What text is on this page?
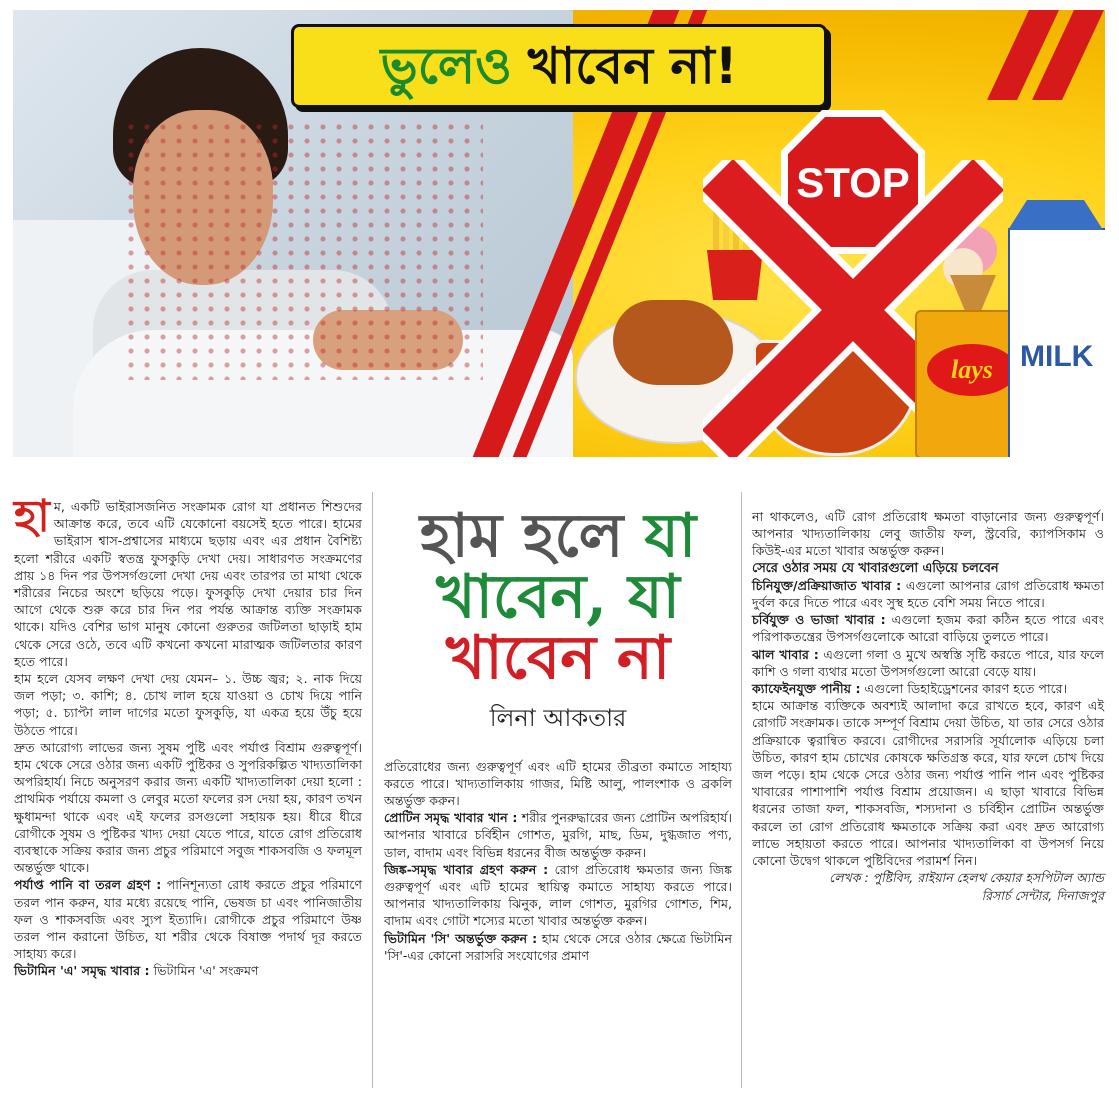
ভুলেও খাবেন না!
STOP
lays MILK

হাম, একটি ভাইরাসজনিত সংক্রামক রোগ যা প্রধানত শিশুদের আক্রান্ত করে, তবে এটি যেকোনো বয়সেই হতে পারে। হামের ভাইরাস শ্বাস-প্রশ্বাসের মাধ্যমে ছড়ায় এবং এর প্রধান বৈশিষ্ট্য হলো শরীরে একটি স্বতন্ত্র ফুসকুড়ি দেখা দেয়। সাধারণত সংক্রমণের প্রায় ১৪ দিন পর উপসর্গগুলো দেখা দেয় এবং তারপর তা মাথা থেকে শরীরের নিচের অংশে ছড়িয়ে পড়ে। ফুসকুড়ি দেখা দেয়ার চার দিন আগে থেকে শুরু করে চার দিন পর পর্যন্ত আক্রান্ত ব্যক্তি সংক্রামক থাকে। যদিও বেশির ভাগ মানুষ কোনো গুরুতর জটিলতা ছাড়াই হাম থেকে সেরে ওঠে, তবে এটি কখনো কখনো মারাত্মক জটিলতার কারণ হতে পারে।

হাম হলে যেসব লক্ষণ দেখা দেয় যেমন– ১. উচ্চ জ্বর; ২. নাক দিয়ে জল পড়া; ৩. কাশি; ৪. চোখ লাল হয়ে যাওয়া ও চোখ দিয়ে পানি পড়া; ৫. চ্যাপ্টা লাল দাগের মতো ফুসকুড়ি, যা একত্র হয়ে উঁচু হয়ে উঠতে পারে।

দ্রুত আরোগ্য লাভের জন্য সুষম পুষ্টি এবং পর্যাপ্ত বিশ্রাম গুরুত্বপূর্ণ। হাম থেকে সেরে ওঠার জন্য একটি পুষ্টিকর ও সুপরিকল্পিত খাদ্যতালিকা অপরিহার্য। নিচে অনুসরণ করার জন্য একটি খাদ্যতালিকা দেয়া হলো : প্রাথমিক পর্যায়ে কমলা ও লেবুর মতো ফলের রস দেয়া হয়, কারণ তখন ক্ষুধামন্দা থাকে এবং এই ফলের রসগুলো সহায়ক হয়। ধীরে ধীরে রোগীকে সুষম ও পুষ্টিকর খাদ্য দেয়া যেতে পারে, যাতে রোগ প্রতিরোধ ব্যবস্থাকে সক্রিয় করার জন্য প্রচুর পরিমাণে সবুজ শাকসবজি ও ফলমূল অন্তর্ভুক্ত থাকে।

পর্যাপ্ত পানি বা তরল গ্রহণ : পানিশূন্যতা রোধ করতে প্রচুর পরিমাণে তরল পান করুন, যার মধ্যে রয়েছে পানি, ভেষজ চা এবং পানিজাতীয় ফল ও শাকসবজি এবং স্যুপ ইত্যাদি। রোগীকে প্রচুর পরিমাণে উষ্ণ তরল পান করানো উচিত, যা শরীর থেকে বিষাক্ত পদার্থ দূর করতে সাহায্য করে।

ভিটামিন 'এ' সমৃদ্ধ খাবার : ভিটামিন 'এ' সংক্রমণ

হাম হলে যা
খাবেন, যা
খাবেন না
লিনা আকতার

প্রতিরোধের জন্য গুরুত্বপূর্ণ এবং এটি হামের তীব্রতা কমাতে সাহায্য করতে পারে। খাদ্যতালিকায় গাজর, মিষ্টি আলু, পালংশাক ও ব্রকলি অন্তর্ভুক্ত করুন।

প্রোটিন সমৃদ্ধ খাবার খান : শরীর পুনরুদ্ধারের জন্য প্রোটিন অপরিহার্য। আপনার খাবারে চর্বিহীন গোশত, মুরগি, মাছ, ডিম, দুগ্ধজাত পণ্য, ডাল, বাদাম এবং বিভিন্ন ধরনের বীজ অন্তর্ভুক্ত করুন।

জিঙ্ক-সমৃদ্ধ খাবার গ্রহণ করুন : রোগ প্রতিরোধ ক্ষমতার জন্য জিঙ্ক গুরুত্বপূর্ণ এবং এটি হামের স্থায়িত্ব কমাতে সাহায্য করতে পারে। আপনার খাদ্যতালিকায় ঝিনুক, লাল গোশত, মুরগির গোশত, শিম, বাদাম এবং গোটা শস্যের মতো খাবার অন্তর্ভুক্ত করুন।

ভিটামিন 'সি' অন্তর্ভুক্ত করুন : হাম থেকে সেরে ওঠার ক্ষেত্রে ভিটামিন 'সি'-এর কোনো সরাসরি সংযোগের প্রমাণ

না থাকলেও, এটি রোগ প্রতিরোধ ক্ষমতা বাড়ানোর জন্য গুরুত্বপূর্ণ। আপনার খাদ্যতালিকায় লেবু জাতীয় ফল, স্ট্রবেরি, ক্যাপসিকাম ও কিউই-এর মতো খাবার অন্তর্ভুক্ত করুন।

সেরে ওঠার সময় যে খাবারগুলো এড়িয়ে চলবেন

চিনিযুক্ত/প্রক্রিয়াজাত খাবার : এগুলো আপনার রোগ প্রতিরোধ ক্ষমতা দুর্বল করে দিতে পারে এবং সুস্থ হতে বেশি সময় নিতে পারে।

চর্বিযুক্ত ও ভাজা খাবার : এগুলো হজম করা কঠিন হতে পারে এবং পরিপাকতন্ত্রের উপসর্গগুলোকে আরো বাড়িয়ে তুলতে পারে।

ঝাল খাবার : এগুলো গলা ও মুখে অস্বস্তি সৃষ্টি করতে পারে, যার ফলে কাশি ও গলা ব্যথার মতো উপসর্গগুলো আরো বেড়ে যায়।

ক্যাফেইনযুক্ত পানীয় : এগুলো ডিহাইড্রেশনের কারণ হতে পারে।

হামে আক্রান্ত ব্যক্তিকে অবশ্যই আলাদা করে রাখতে হবে, কারণ এই রোগটি সংক্রামক। তাকে সম্পূর্ণ বিশ্রাম দেয়া উচিত, যা তার সেরে ওঠার প্রক্রিয়াকে ত্বরান্বিত করবে। রোগীদের সরাসরি সূর্যালোক এড়িয়ে চলা উচিত, কারণ হাম চোখের কোষকে ক্ষতিগ্রস্ত করে, যার ফলে চোখ দিয়ে জল পড়ে। হাম থেকে সেরে ওঠার জন্য পর্যাপ্ত পানি পান এবং পুষ্টিকর খাবারের পাশাপাশি পর্যাপ্ত বিশ্রাম প্রয়োজন। এ ছাড়া খাবারে বিভিন্ন ধরনের তাজা ফল, শাকসবজি, শস্যদানা ও চর্বিহীন প্রোটিন অন্তর্ভুক্ত করলে তা রোগ প্রতিরোধ ক্ষমতাকে সক্রিয় করা এবং দ্রুত আরোগ্য লাভে সহায়তা করতে পারে। আপনার খাদ্যতালিকা বা উপসর্গ নিয়ে কোনো উদ্বেগ থাকলে পুষ্টিবিদের পরামর্শ নিন।

লেখক : পুষ্টিবিদ, রাইয়ান হেলথ কেয়ার হসপিটাল অ্যান্ড

রিসার্চ সেন্টার, দিনাজপুর
